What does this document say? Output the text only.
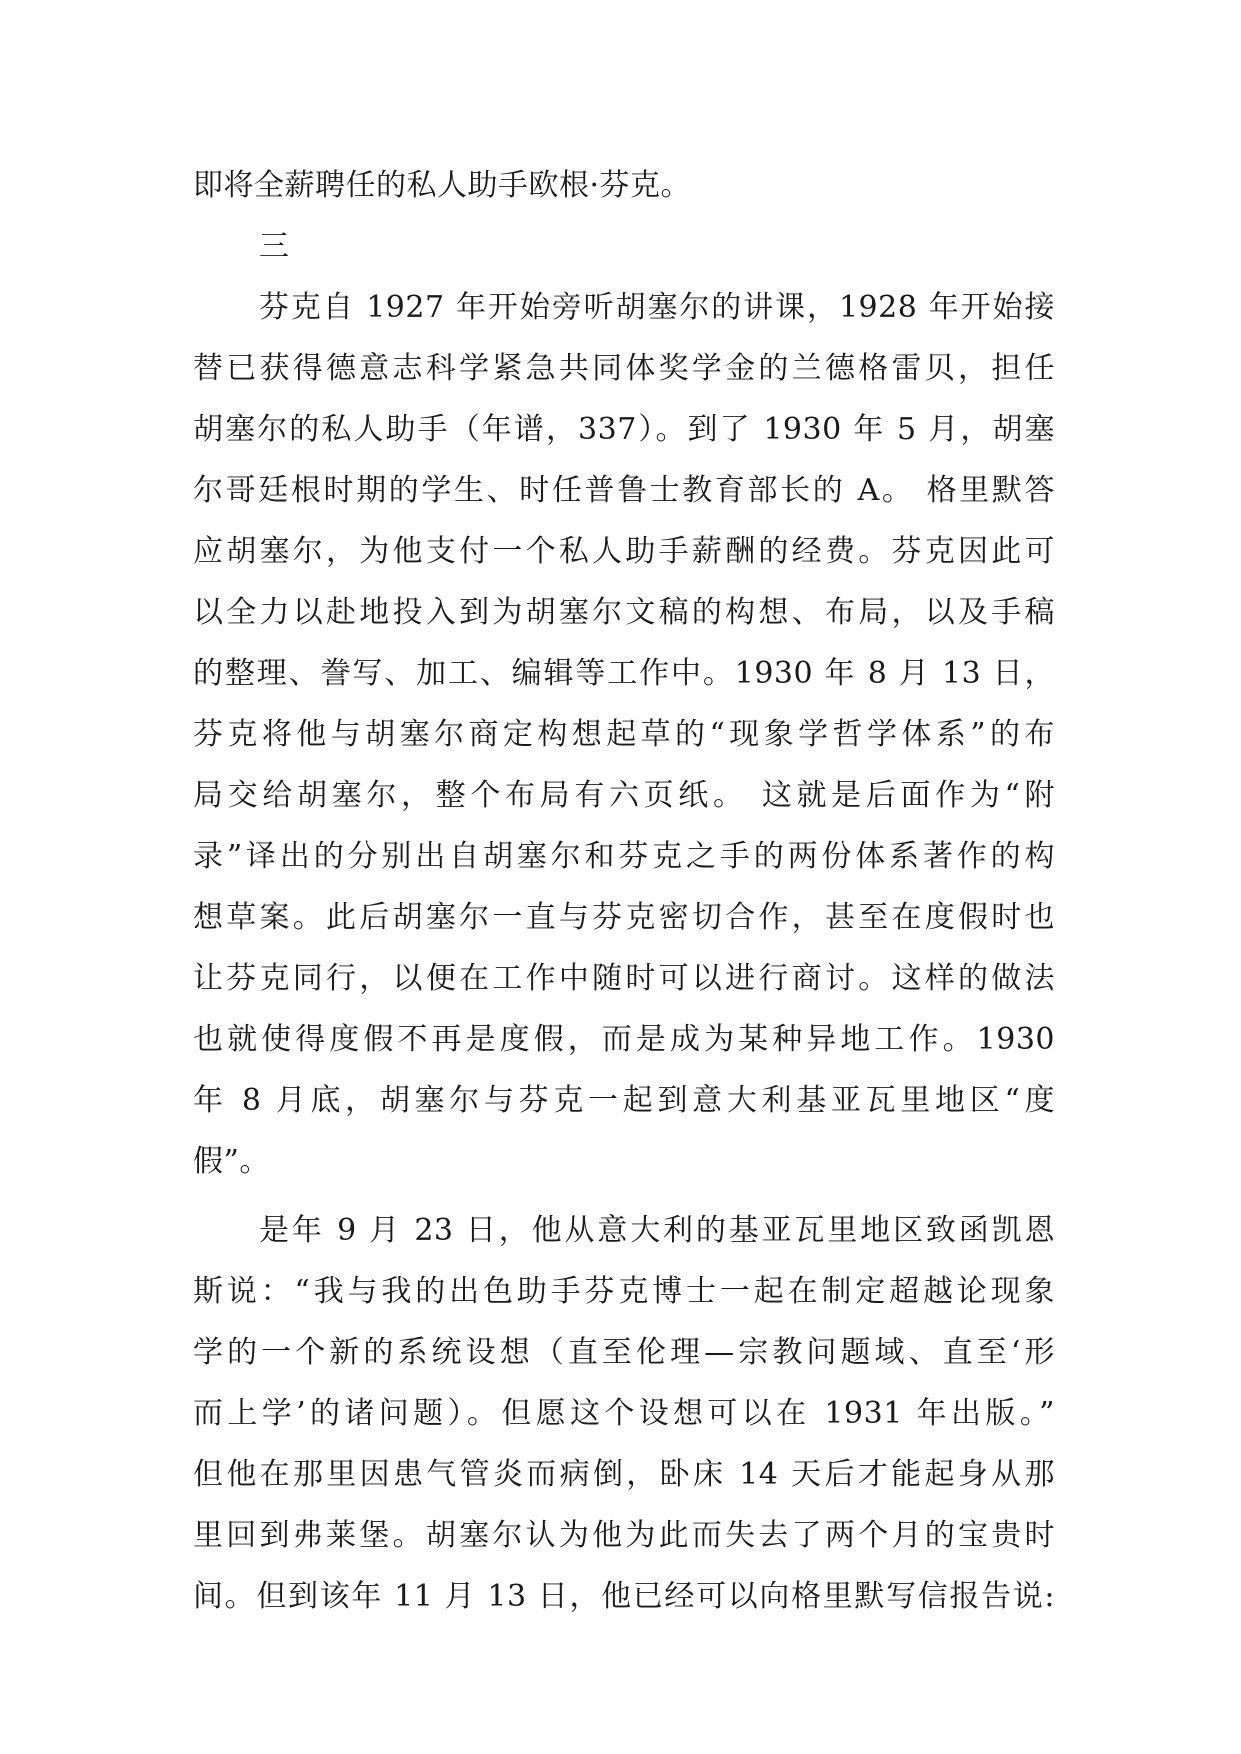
即将全薪聘任的私人助手欧根·芬克。
三
芬克自 1927 年开始旁听胡塞尔的讲课，1928 年开始接
替已获得德意志科学紧急共同体奖学金的兰德格雷贝，担任
胡塞尔的私人助手（年谱，337）。到了 1930 年 5 月，胡塞
尔哥廷根时期的学生、时任普鲁士教育部长的 A。 格里默答
应胡塞尔，为他支付一个私人助手薪酬的经费。芬克因此可
以全力以赴地投入到为胡塞尔文稿的构想、布局，以及手稿
的整理、誊写、加工、编辑等工作中。1930 年 8 月 13 日，
芬克将他与胡塞尔商定构想起草的“现象学哲学体系”的布
局交给胡塞尔，整个布局有六页纸。 这就是后面作为“附
录”译出的分别出自胡塞尔和芬克之手的两份体系著作的构
想草案。此后胡塞尔一直与芬克密切合作，甚至在度假时也
让芬克同行，以便在工作中随时可以进行商讨。这样的做法
也就使得度假不再是度假，而是成为某种异地工作。1930
年 8 月底，胡塞尔与芬克一起到意大利基亚瓦里地区“度
假”。
是年 9 月 23 日，他从意大利的基亚瓦里地区致函凯恩
斯说：“我与我的出色助手芬克博士一起在制定超越论现象
学的一个新的系统设想（直至伦理—宗教问题域、直至‘形
而上学’的诸问题）。但愿这个设想可以在 1931 年出版。”
但他在那里因患气管炎而病倒，卧床 14 天后才能起身从那
里回到弗莱堡。胡塞尔认为他为此而失去了两个月的宝贵时
间。但到该年 11 月 13 日，他已经可以向格里默写信报告说:
